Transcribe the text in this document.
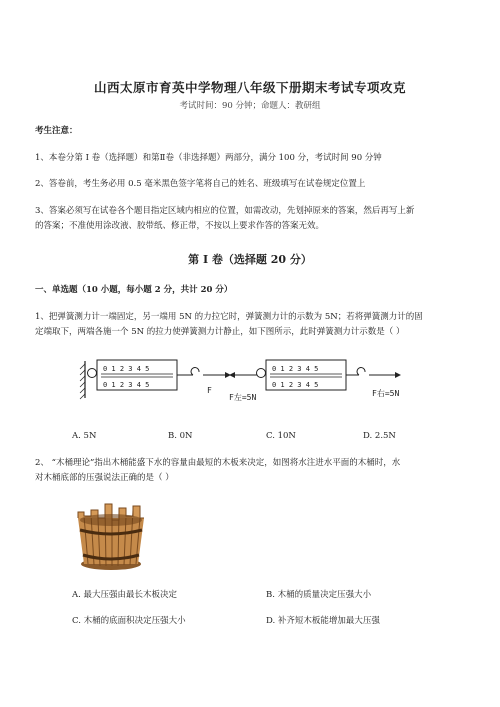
山西太原市育英中学物理八年级下册期末考试专项攻克
考试时间：90 分钟；命题人：教研组
考生注意：
1、本卷分第 I 卷（选择题）和第Ⅱ卷（非选择题）两部分，满分 100 分，考试时间 90 分钟
2、答卷前，考生务必用 0.5 毫米黑色签字笔将自己的姓名、班级填写在试卷规定位置上
3、答案必须写在试卷各个题目指定区域内相应的位置，如需改动，先划掉原来的答案，然后再写上新
的答案；不准使用涂改液、胶带纸、修正带，不按以上要求作答的答案无效。
第 I 卷（选择题 20 分）
一、单选题（10 小题，每小题 2 分，共计 20 分）
1、把弹簧测力计一端固定，另一端用 5N 的力拉它时，弹簧测力计的示数为 5N；若将弹簧测力计的固
定端取下，两端各施一个 5N 的拉力使弹簧测力计静止，如下图所示，此时弹簧测力计示数是（ ）
0 1 2 3 4 5
0 1 2 3 4 5
F
0 1 2 3 4 5
0 1 2 3 4 5
F左=5N	F右=5N
A. 5N	B. 0N	C. 10N	D. 2.5N
2、 “木桶理论”指出木桶能盛下水的容量由最短的木板来决定，如图将水注进水平面的木桶时，水
对木桶底部的压强说法正确的是（ ）
A. 最大压强由最长木板决定	B. 木桶的质量决定压强大小
C. 木桶的底面积决定压强大小	D. 补齐短木板能增加最大压强
